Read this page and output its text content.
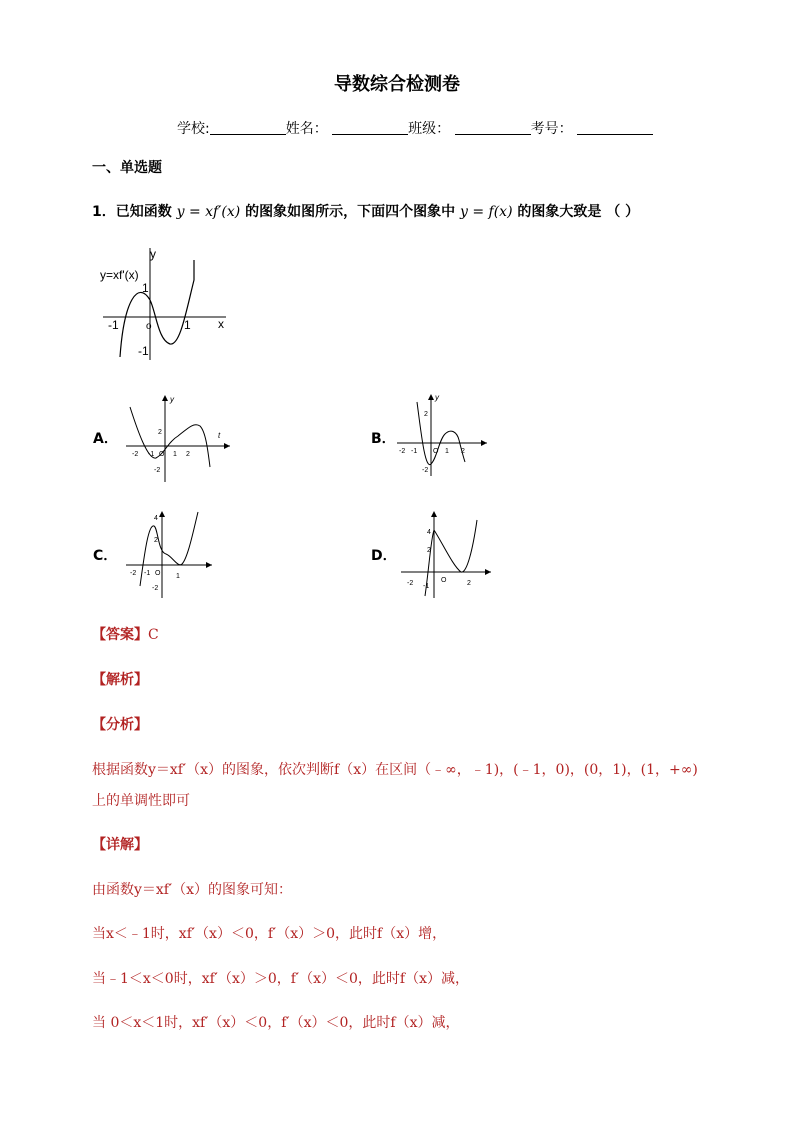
导数综合检测卷
学校:	姓名：	班级：	考号：
一、单选题
1．已知函数 y = xf′(x) 的图象如图所示，下面四个图象中 y = f(x) 的图象大致是 （ ）
y
y=xf'(x)
1
x
-1	o	1
-1
A．
y
t
-2 -1	1 2
2
-2
O
B．
y
-2 -1	1 2
2
-2
O
C．
4
2
-2 -1	1
-2
O
D．
4
2
-2 -1	2
O
【答案】C
【解析】
【分析】
根据函数y＝xf′（x）的图象，依次判断f（x）在区间（﹣∞，﹣1)，(﹣1，0)，(0，1)，(1，+∞)
上的单调性即可
【详解】
由函数y＝xf′（x）的图象可知：
当x＜﹣1时，xf′（x）＜0，f′（x）＞0，此时f（x）增，
当﹣1＜x＜0时，xf′（x）＞0，f′（x）＜0，此时f（x）减，
当 0＜x＜1时，xf′（x）＜0，f′（x）＜0，此时f（x）减，
